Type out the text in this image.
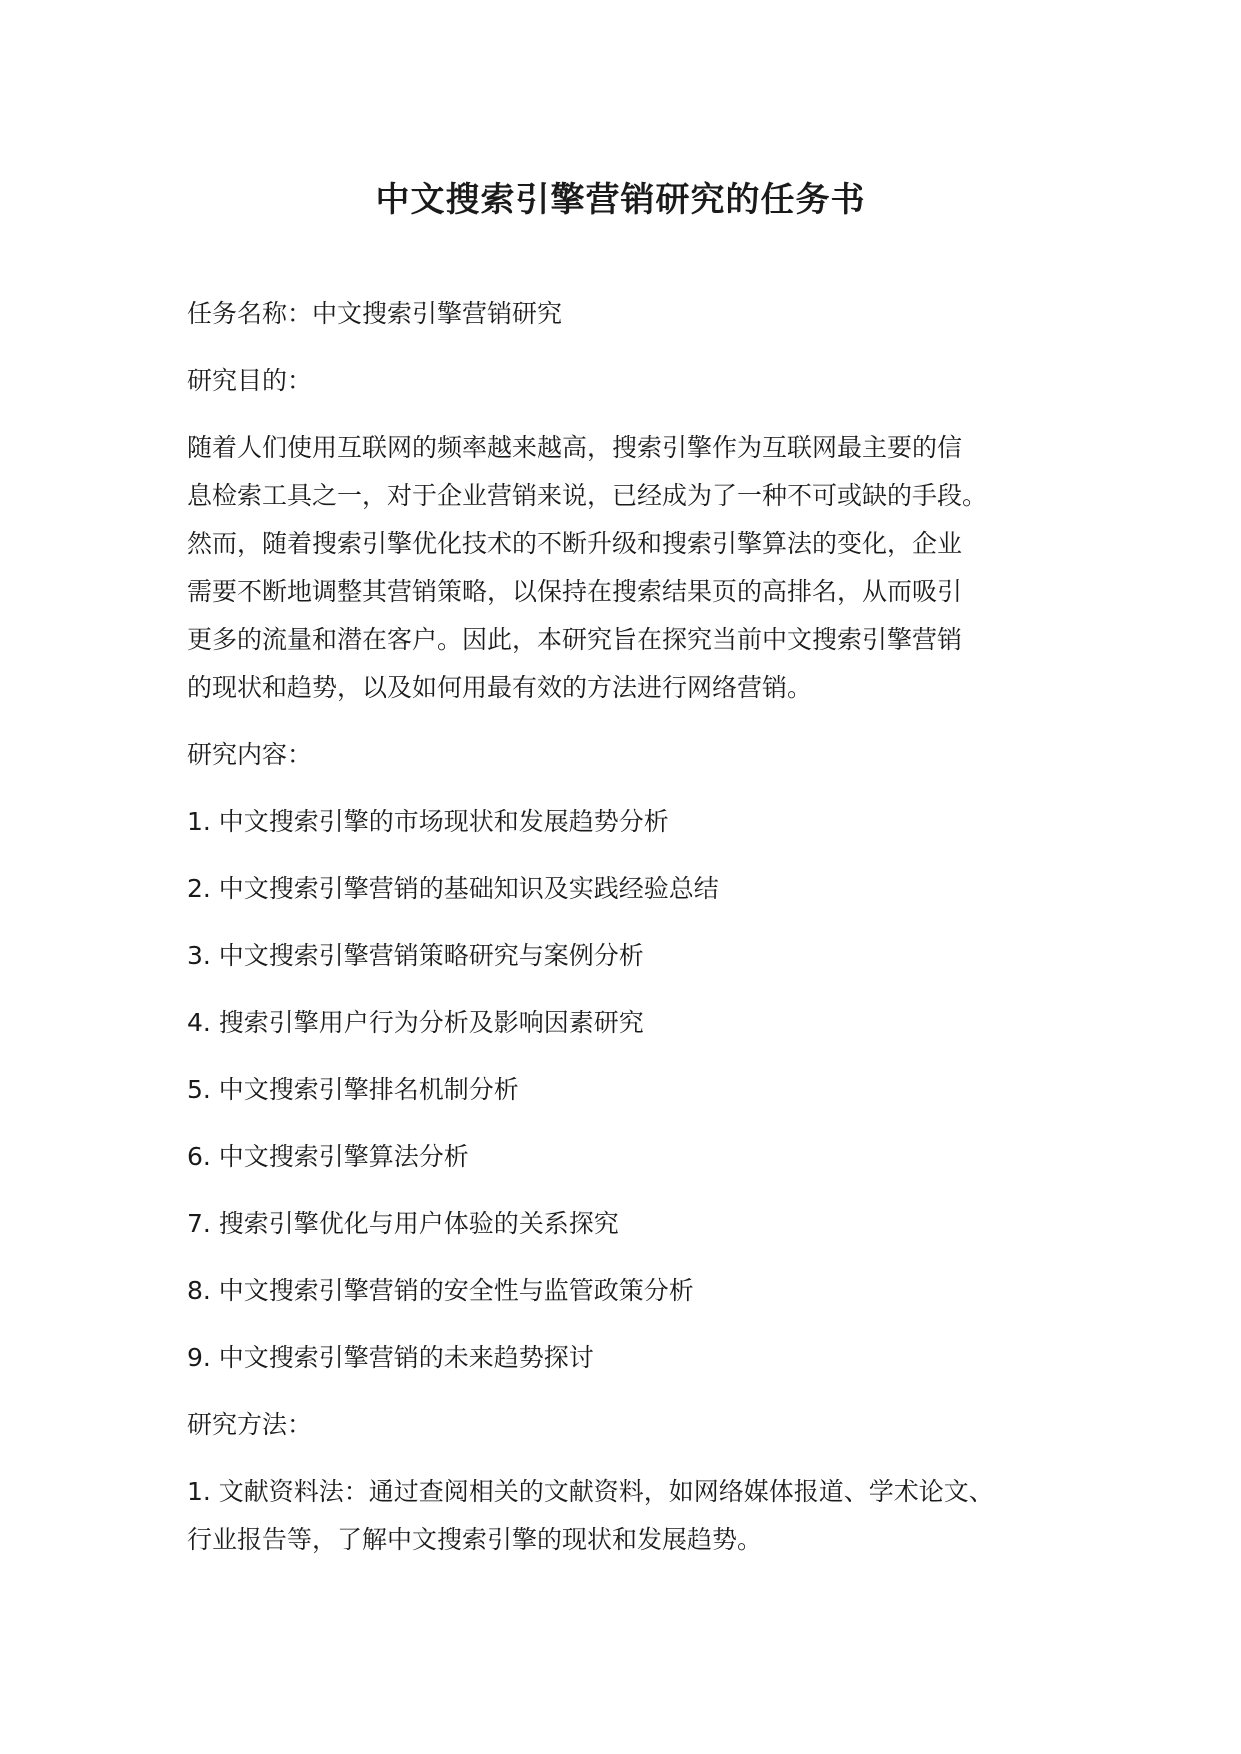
中文搜索引擎营销研究的任务书

任务名称：中文搜索引擎营销研究

研究目的：

随着人们使用互联网的频率越来越高，搜索引擎作为互联网最主要的信
息检索工具之一，对于企业营销来说，已经成为了一种不可或缺的手段。
然而，随着搜索引擎优化技术的不断升级和搜索引擎算法的变化，企业
需要不断地调整其营销策略，以保持在搜索结果页的高排名，从而吸引
更多的流量和潜在客户。因此，本研究旨在探究当前中文搜索引擎营销
的现状和趋势，以及如何用最有效的方法进行网络营销。

研究内容：

1. 中文搜索引擎的市场现状和发展趋势分析

2. 中文搜索引擎营销的基础知识及实践经验总结

3. 中文搜索引擎营销策略研究与案例分析

4. 搜索引擎用户行为分析及影响因素研究

5. 中文搜索引擎排名机制分析

6. 中文搜索引擎算法分析

7. 搜索引擎优化与用户体验的关系探究

8. 中文搜索引擎营销的安全性与监管政策分析

9. 中文搜索引擎营销的未来趋势探讨

研究方法：

1. 文献资料法：通过查阅相关的文献资料，如网络媒体报道、学术论文、
行业报告等，了解中文搜索引擎的现状和发展趋势。
